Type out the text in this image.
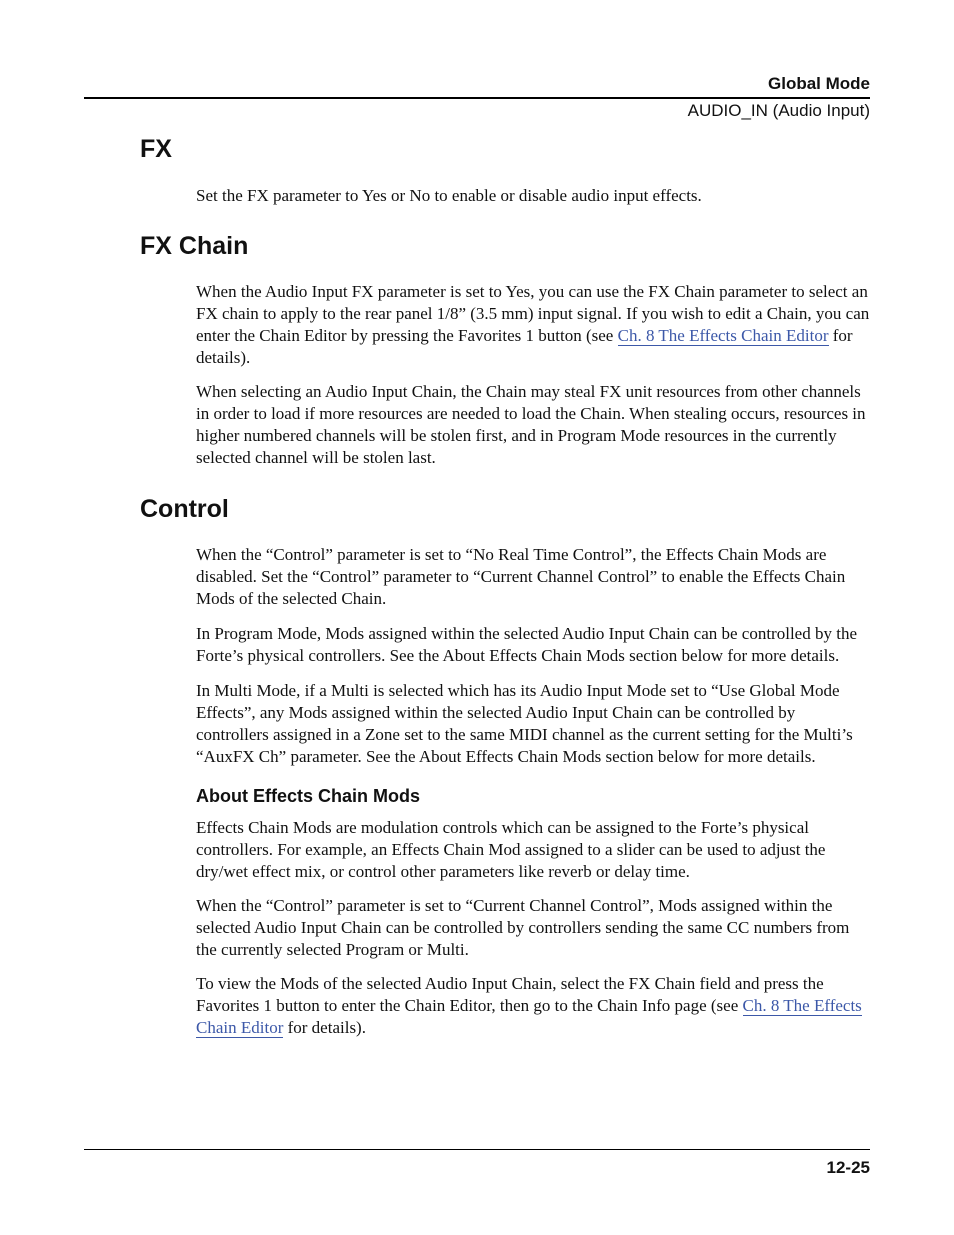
Global Mode
AUDIO_IN (Audio Input)
FX

Set the FX parameter to Yes or No to enable or disable audio input effects.

FX Chain

When the Audio Input FX parameter is set to Yes, you can use the FX Chain parameter to select an FX chain to apply to the rear panel 1/8” (3.5 mm) input signal. If you wish to edit a Chain, you can enter the Chain Editor by pressing the Favorites 1 button (see Ch. 8 The Effects Chain Editor for details).

When selecting an Audio Input Chain, the Chain may steal FX unit resources from other channels in order to load if more resources are needed to load the Chain. When stealing occurs, resources in higher numbered channels will be stolen first, and in Program Mode resources in the currently selected channel will be stolen last.

Control

When the “Control” parameter is set to “No Real Time Control”, the Effects Chain Mods are disabled. Set the “Control” parameter to “Current Channel Control” to enable the Effects Chain Mods of the selected Chain.

In Program Mode, Mods assigned within the selected Audio Input Chain can be controlled by the Forte’s physical controllers. See the About Effects Chain Mods section below for more details.

In Multi Mode, if a Multi is selected which has its Audio Input Mode set to “Use Global Mode Effects”, any Mods assigned within the selected Audio Input Chain can be controlled by controllers assigned in a Zone set to the same MIDI channel as the current setting for the Multi’s “AuxFX Ch” parameter. See the About Effects Chain Mods section below for more details.

About Effects Chain Mods

Effects Chain Mods are modulation controls which can be assigned to the Forte’s physical controllers. For example, an Effects Chain Mod assigned to a slider can be used to adjust the dry/wet effect mix, or control other parameters like reverb or delay time.

When the “Control” parameter is set to “Current Channel Control”, Mods assigned within the selected Audio Input Chain can be controlled by controllers sending the same CC numbers from the currently selected Program or Multi.

To view the Mods of the selected Audio Input Chain, select the FX Chain field and press the Favorites 1 button to enter the Chain Editor, then go to the Chain Info page (see Ch. 8 The Effects Chain Editor for details).

12-25
